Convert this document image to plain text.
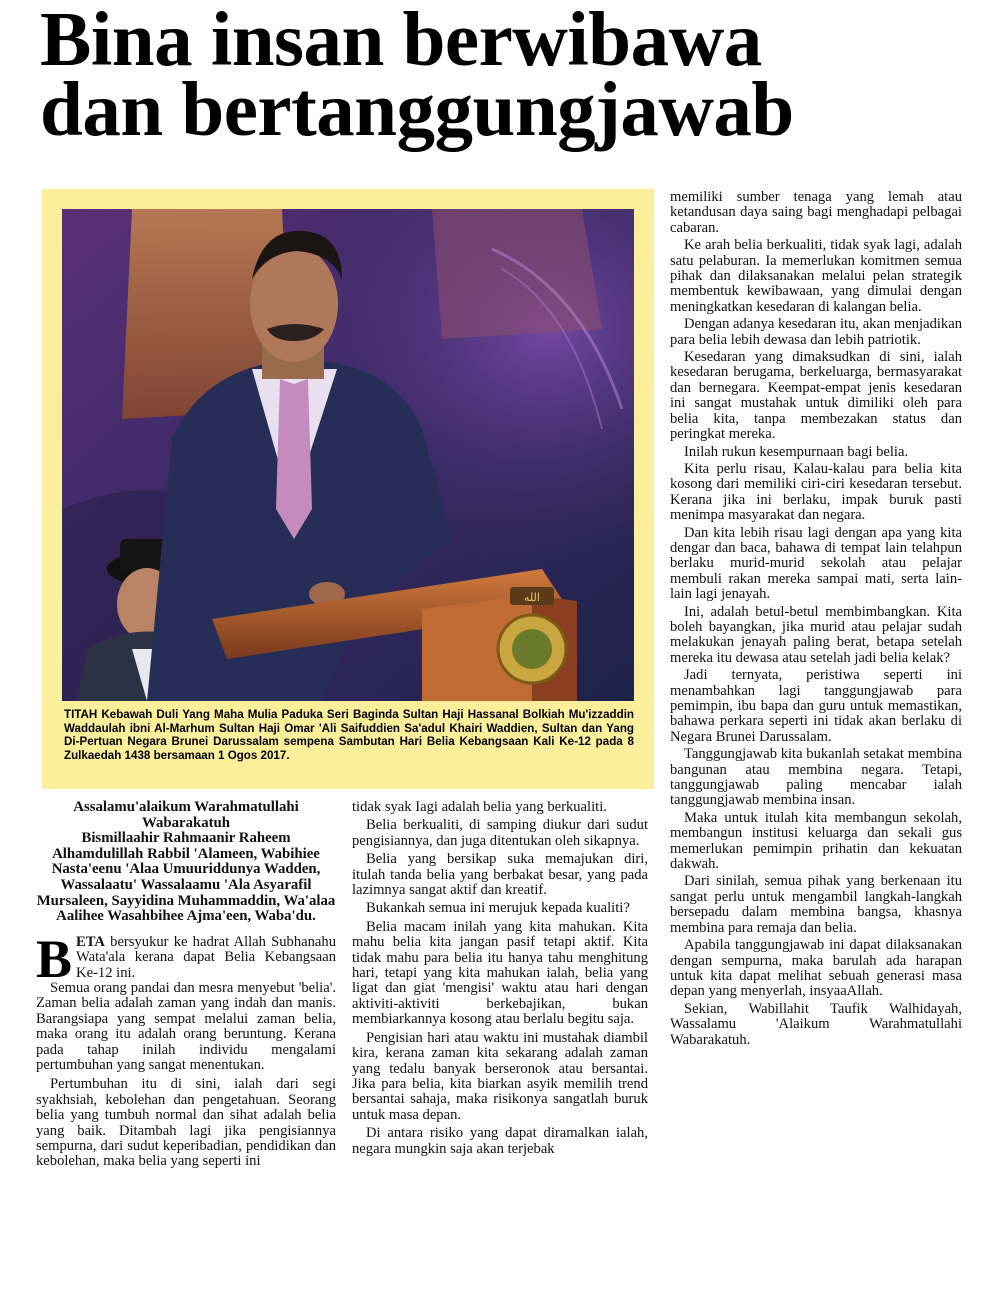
Bina insan berwibawa
dan bertanggungjawab
الله
TITAH Kebawah Duli Yang Maha Mulia Paduka Seri Baginda Sultan Haji Hassanal Bolkiah Mu'izzaddin Waddaulah ibni Al-Marhum Sultan Haji Omar 'Ali Saifuddien Sa'adul Khairi Waddien, Sultan dan Yang Di-Pertuan Negara Brunei Darussalam sempena Sambutan Hari Belia Kebangsaan Kali Ke-12 pada 8 Zulkaedah 1438 bersamaan 1 Ogos 2017.
Assalamu'alaikum Warahmatullahi Wabarakatuh
Bismillaahir Rahmaanir Raheem Alhamdulillah Rabbil 'Alameen, Wabihiee Nasta'eenu 'Alaa Umuuriddunya Wadden, Wassalaatu' Wassalaamu 'Ala Asyarafil Mursaleen, Sayyidina Muhammaddin, Wa'alaa Aalihee Wasahbihee Ajma'een, Waba'du.

BETA bersyukur ke hadrat Allah Subhanahu Wata'ala kerana dapat Belia Kebangsaan Ke-12 ini.

Semua orang pandai dan mesra menyebut 'belia'. Zaman belia adalah zaman yang indah dan manis. Barangsiapa yang sempat melalui zaman belia, maka orang itu adalah orang beruntung. Kerana pada tahap inilah individu mengalami pertumbuhan yang sangat menentukan.

Pertumbuhan itu di sini, ialah dari segi syakhsiah, kebolehan dan pengetahuan. Seorang belia yang tumbuh normal dan sihat adalah belia yang baik. Ditambah lagi jika pengisiannya sempurna, dari sudut keperibadian, pendidikan dan kebolehan, maka belia yang seperti ini

tidak syak Iagi adalah belia yang berkualiti.

Belia berkualiti, di samping diukur dari sudut pengisiannya, dan juga ditentukan oleh sikapnya.

Belia yang bersikap suka memajukan diri, itulah tanda belia yang berbakat besar, yang pada lazimnya sangat aktif dan kreatif.

Bukankah semua ini merujuk kepada kualiti?

Belia macam inilah yang kita mahukan. Kita mahu belia kita jangan pasif tetapi aktif. Kita tidak mahu para belia itu hanya tahu menghitung hari, tetapi yang kita mahukan ialah, belia yang ligat dan giat 'mengisi' waktu atau hari dengan aktiviti-aktiviti berkebajikan, bukan membiarkannya kosong atau berlalu begitu saja.

Pengisian hari atau waktu ini mustahak diambil kira, kerana zaman kita sekarang adalah zaman yang tedalu banyak berseronok atau bersantai. Jika para belia, kita biarkan asyik memilih trend bersantai sahaja, maka risikonya sangatlah buruk untuk masa depan.

Di antara risiko yang dapat diramalkan ialah, negara mungkin saja akan terjebak

memiliki sumber tenaga yang lemah atau ketandusan daya saing bagi menghadapi pelbagai cabaran.

Ke arah belia berkualiti, tidak syak lagi, adalah satu pelaburan. Ia memerlukan komitmen semua pihak dan dilaksanakan melalui pelan strategik membentuk kewibawaan, yang dimulai dengan meningkatkan kesedaran di kalangan belia.

Dengan adanya kesedaran itu, akan menjadikan para belia lebih dewasa dan lebih patriotik.

Kesedaran yang dimaksudkan di sini, ialah kesedaran berugama, berkeluarga, bermasyarakat dan bernegara. Keempat-empat jenis kesedaran ini sangat mustahak untuk dimiliki oleh para belia kita, tanpa membezakan status dan peringkat mereka.

Inilah rukun kesempurnaan bagi belia.

Kita perlu risau, Kalau-kalau para belia kita kosong dari memiliki ciri-ciri kesedaran tersebut. Kerana jika ini berlaku, impak buruk pasti menimpa masyarakat dan negara.

Dan kita lebih risau lagi dengan apa yang kita dengar dan baca, bahawa di tempat lain telahpun berlaku murid-murid sekolah atau pelajar membuli rakan mereka sampai mati, serta lain-lain lagi jenayah.

Ini, adalah betul-betul membimbangkan. Kita boleh bayangkan, jika murid atau pelajar sudah melakukan jenayah paling berat, betapa setelah mereka itu dewasa atau setelah jadi belia kelak?

Jadi ternyata, peristiwa seperti ini menambahkan lagi tanggungjawab para pemimpin, ibu bapa dan guru untuk memastikan, bahawa perkara seperti ini tidak akan berlaku di Negara Brunei Darussalam.

Tanggungjawab kita bukanlah setakat membina bangunan atau membina negara. Tetapi, tanggungjawab paling mencabar ialah tanggungjawab membina insan.

Maka untuk itulah kita membangun sekolah, membangun institusi keluarga dan sekali gus memerlukan pemimpin prihatin dan kekuatan dakwah.

Dari sinilah, semua pihak yang berkenaan itu sangat perlu untuk mengambil langkah-langkah bersepadu dalam membina bangsa, khasnya membina para remaja dan belia.

Apabila tanggungjawab ini dapat dilaksanakan dengan sempurna, maka barulah ada harapan untuk kita dapat melihat sebuah generasi masa depan yang menyerlah, insyaaAllah.

Sekian, Wabillahit Taufik Walhidayah, Wassalamu 'Alaikum Warahmatullahi Wabarakatuh.
